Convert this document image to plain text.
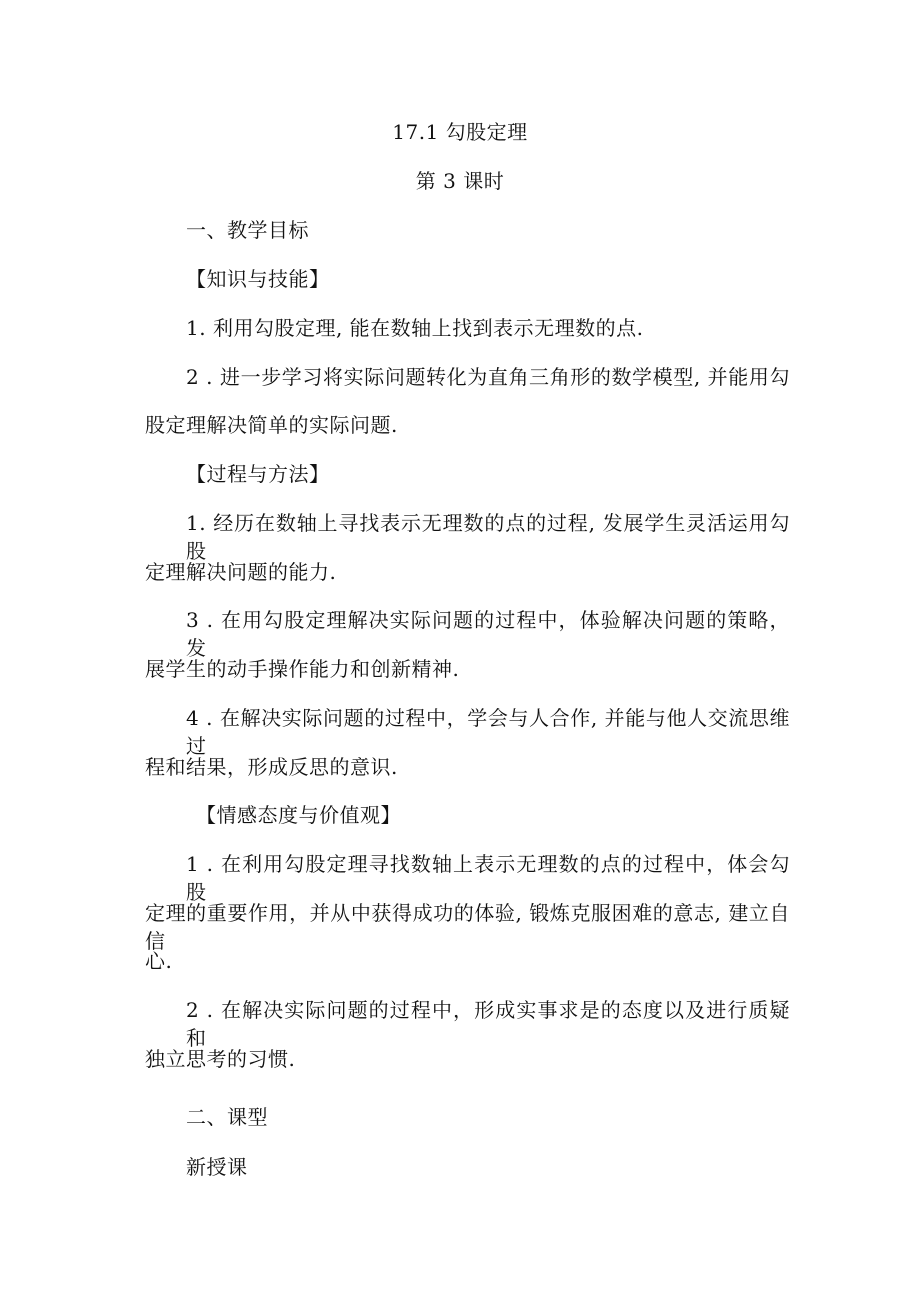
17.1 勾股定理
第 3 课时
一、教学目标
【知识与技能】
1. 利用勾股定理, 能在数轴上找到表示无理数的点.
2 . 进一步学习将实际问题转化为直角三角形的数学模型, 并能用勾
股定理解决简单的实际问题.
【过程与方法】
1. 经历在数轴上寻找表示无理数的点的过程, 发展学生灵活运用勾股
定理解决问题的能力.
3 . 在用勾股定理解决实际问题的过程中，体验解决问题的策略，发
展学生的动手操作能力和创新精神.
4 . 在解决实际问题的过程中，学会与人合作, 并能与他人交流思维过
程和结果，形成反思的意识.
【情感态度与价值观】
1 . 在利用勾股定理寻找数轴上表示无理数的点的过程中，体会勾股
定理的重要作用，并从中获得成功的体验, 锻炼克服困难的意志, 建立自信
心.
2 . 在解决实际问题的过程中，形成实事求是的态度以及进行质疑和
独立思考的习惯.
二、课型
新授课
